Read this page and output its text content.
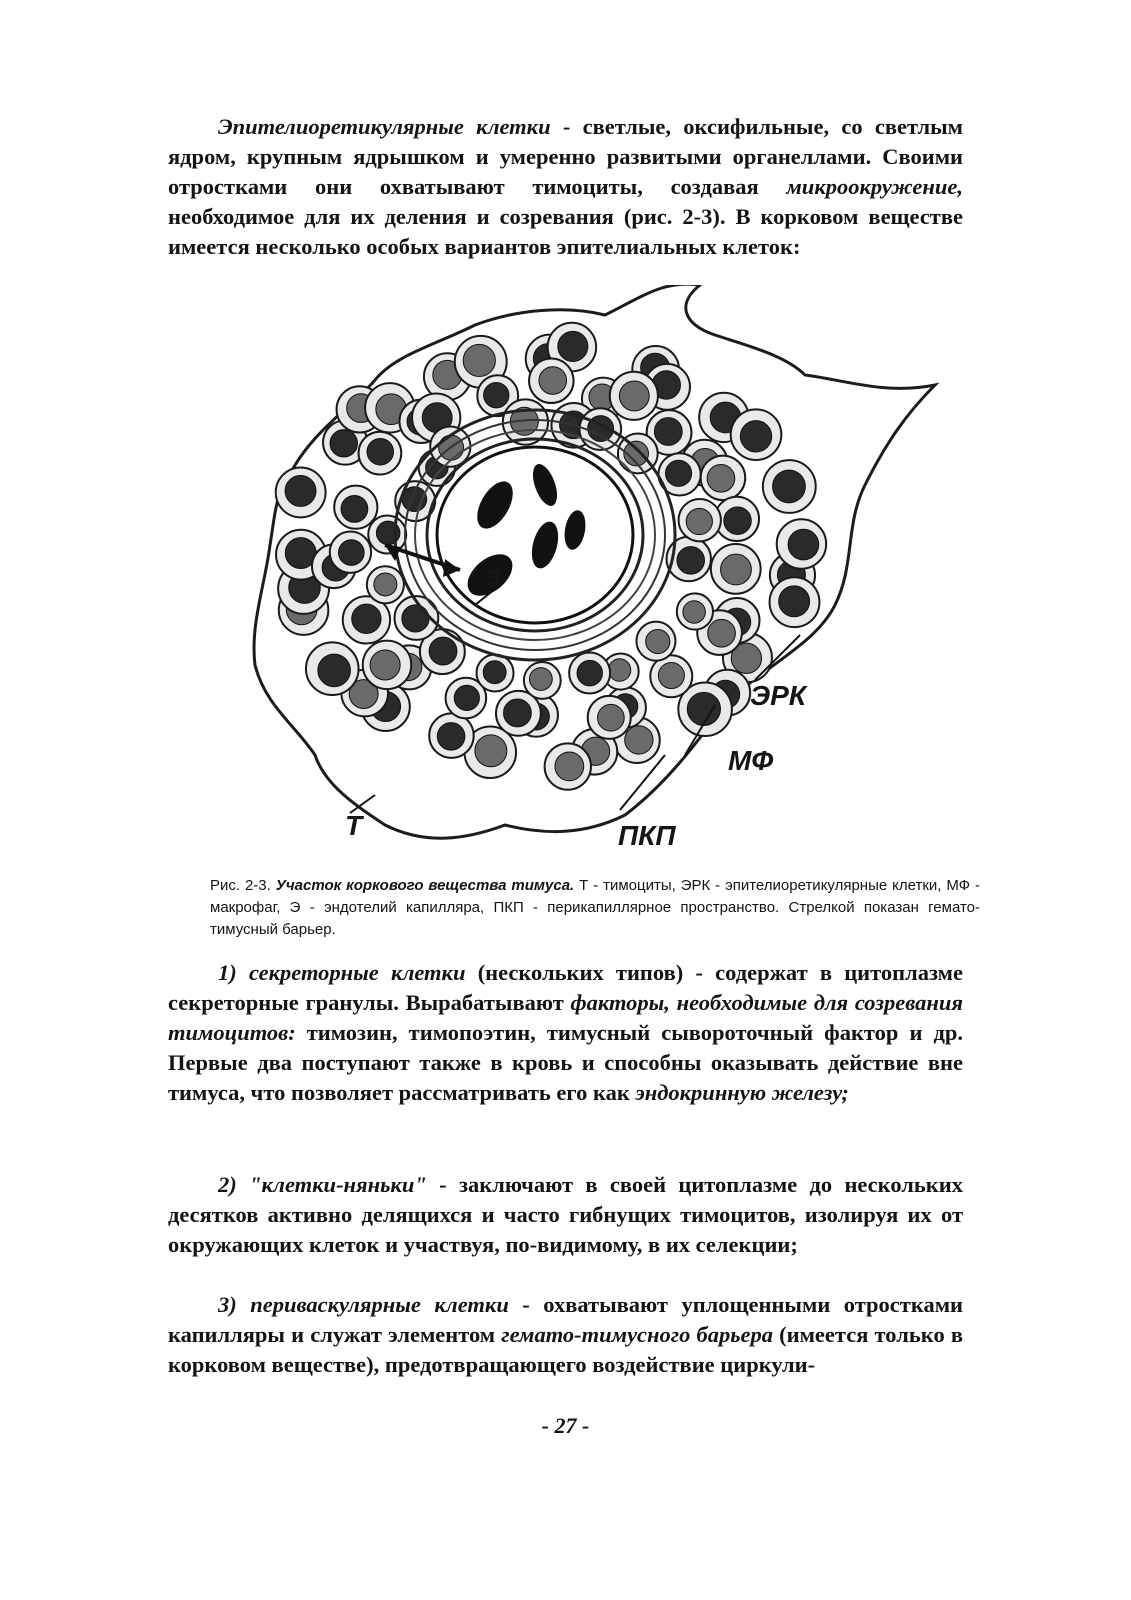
Эпителиоретикулярные клетки - светлые, оксифильные, со светлым ядром, крупным ядрышком и умеренно развитыми органеллами. Своими отростками они охватывают тимоциты, создавая микроокружение, необходимое для их деления и созревания (рис. 2-3). В корковом веществе имеется несколько особых вариантов эпителиальных клеток:

Э
ЭРК
МФ
Т	ПКП

Рис. 2-3. Участок коркового вещества тимуса. Т - тимоциты, ЭРК - эпителиоретикулярные клетки, МФ - макрофаг, Э - эндотелий капилляра, ПКП - перикапиллярное пространство. Стрелкой показан гемато-тимусный барьер.

1) секреторные клетки (нескольких типов) - содержат в цитоплазме секреторные гранулы. Вырабатывают факторы, необходимые для созревания тимоцитов: тимозин, тимопоэтин, тимусный сывороточный фактор и др. Первые два поступают также в кровь и способны оказывать действие вне тимуса, что позволяет рассматривать его как эндокринную железу;

2) "клетки-няньки" - заключают в своей цитоплазме до нескольких десятков активно делящихся и часто гибнущих тимоцитов, изолируя их от окружающих клеток и участвуя, по-видимому, в их селекции;

3) периваскулярные клетки - охватывают уплощенными отростками капилляры и служат элементом гемато-тимусного барьера (имеется только в корковом веществе), предотвращающего воздействие циркули-

- 27 -
